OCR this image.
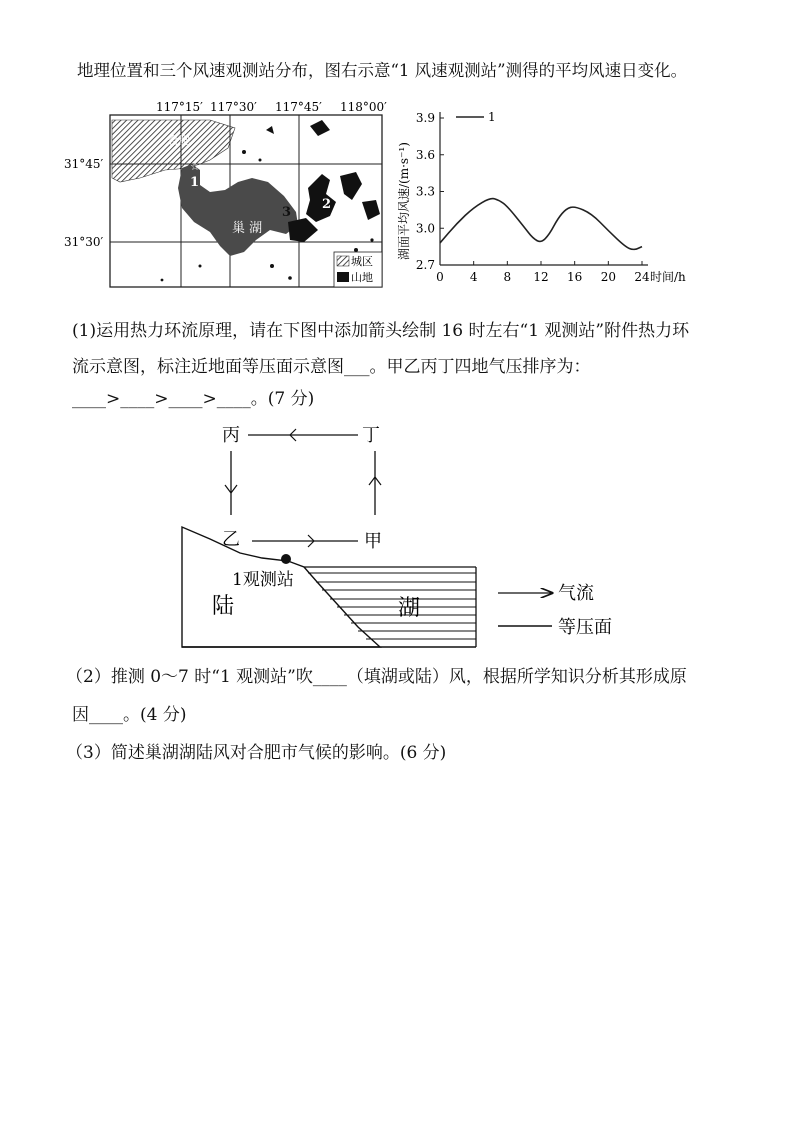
地理位置和三个风速观测站分布，图右示意“1 风速观测站”测得的平均风速日变化。
117°15′ 117°30′ 117°45′ 118°00′
31°45′
31°30′
合肥
巢 湖
☆
1
2
3
城区
山地
2.7
3.0
3.3
3.6
3.9
0 4 8 12 16 20 24
1
湖面平均风速/(m·s⁻¹)
时间/h
(1)运用热力环流原理，请在下图中添加箭头绘制 16 时左右“1 观测站”附件热力环
流示意图，标注近地面等压面示意图___。甲乙丙丁四地气压排序为：
____>____>____>____。(7 分)
丙	丁
乙	甲
1观测站
陆	湖
气流
等压面
（2）推测 0～7 时“1 观测站”吹____（填湖或陆）风，根据所学知识分析其形成原
因____。(4 分)
（3）简述巢湖湖陆风对合肥市气候的影响。(6 分)
